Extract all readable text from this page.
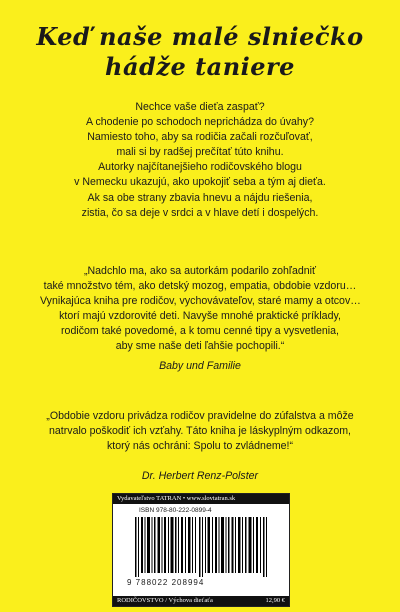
Keď naše malé slniečko
hádže taniere
Nechce vaše dieťa zaspať?
A chodenie po schodoch neprichádza do úvahy?
Namiesto toho, aby sa rodičia začali rozčuľovať,
mali si by radšej prečítať túto knihu.
Autorky najčítanejšieho rodičovského blogu
v Nemecku ukazujú, ako upokojiť seba a tým aj dieťa.
Ak sa obe strany zbavia hnevu a nájdu riešenia,
zistia, čo sa deje v srdci a v hlave detí i dospelých.
„Nadchlo ma, ako sa autorkám podarilo zohľadniť
také množstvo tém, ako detský mozog, empatia, obdobie vzdoru…
Vynikajúca kniha pre rodičov, vychovávateľov, staré mamy a otcov…
ktorí majú vzdorovité deti. Navyše mnohé praktické príklady,
rodičom také povedomé, a k tomu cenné tipy a vysvetlenia,
aby sme naše deti ľahšie pochopili.“
Baby und Familie
„Obdobie vzdoru privádza rodičov pravidelne do zúfalstva a môže
natrvalo poškodiť ich vzťahy. Táto kniha je láskyplným odkazom,
ktorý nás ochráni: Spolu to zvládneme!“
Dr. Herbert Renz-Polster
Vydavateľstvo TATRAN • www.slovtatran.sk
ISBN 978-80-222-0899-4
9 788022 208994
RODIČOVSTVO / Výchova dieťaťa	12,90 €
